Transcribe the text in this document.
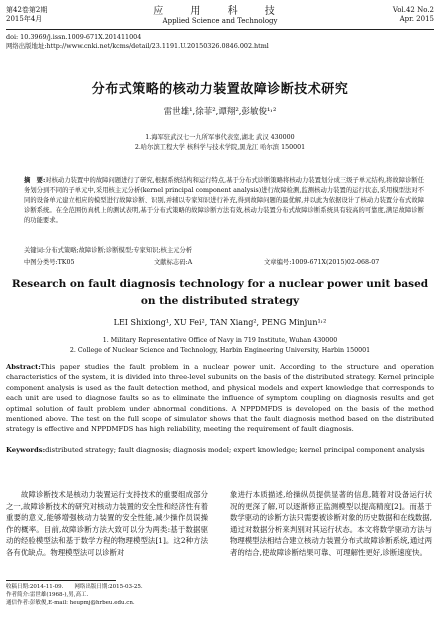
第42卷第2期
2015年4月
应 用 科 技
Applied Science and Technology
Vol.42 No.2
Apr. 2015
doi: 10.3969/j.issn.1009-671X.201411004
网络出版地址:http://www.cnki.net/kcms/detail/23.1191.U.20150326.0846.002.html
分布式策略的核动力装置故障诊断技术研究
雷世雄¹,徐菲²,谭翔²,彭敏俊¹˒²
1.海军驻武汉七一九所军事代表室,湖北 武汉 430000
2.哈尔滨工程大学 核科学与技术学院,黑龙江 哈尔滨 150001
摘　要:对核动力装置中的故障问题进行了研究,根据系统结构和运行特点,基于分布式诊断策略将核动力装置划分成三级子单元结构,将故障诊断任务划分到不同的子单元中,采用核主元分析(kernel principal component analysis)进行故障检测,监测核动力装置的运行状态,采用模型法对不同的设备单元建立相应的模型进行故障诊断、识别,并辅以专家知识进行补充,得到故障问题的最优解,并以此为依据设计了核动力装置分布式故障诊断系统。在全范围仿真机上的测试表明,基于分布式策略的故障诊断方法有效,核动力装置分布式故障诊断系统具有较高的可靠度,满足故障诊断的功能要求。
关键词:分布式策略;故障诊断;诊断模型;专家知识;核主元分析
中图分类号:TK05	文献标志码:A	文章编号:1009-671X(2015)02-068-07
Research on fault diagnosis technology for a nuclear power unit based on the distributed strategy
LEI Shixiong¹, XU Fei², TAN Xiang², PENG Minjun¹˒²
1. Military Representative Office of Navy in 719 Institute, Wuhan 430000
2. College of Nuclear Science and Technology, Harbin Engineering University, Harbin 150001
Abstract:This paper studies the fault problem in a nuclear power unit. According to the structure and operation characteristics of the system, it is divided into three-level subunits on the basis of the distributed strategy. Kernel principle component analysis is used as the fault detection method, and physical models and expert knowledge that corresponds to each unit are used to diagnose faults so as to eliminate the influence of symptom coupling on diagnosis results and get optimal solution of fault problem under abnormal conditions. A NPPDMFDS is developed on the basis of the method mentioned above. The test on the full scope of simulator shows that the fault diagnosis method based on the distributed strategy is effective and NPPDMFDS has high reliability, meeting the requirement of fault diagnosis.
Keywords:distributed strategy; fault diagnosis; diagnosis model; expert knowledge; kernel principal component analysis
故障诊断技术是核动力装置运行支持技术的重要组成部分之一,故障诊断技术的研究对核动力装置的安全性和经济性有着重要的意义,能够增强核动力装置的安全性能,减少操作员误操作的概率。目前,故障诊断方法大致可以分为两类:基于数据驱动的经验模型法和基于数学方程的物理模型法[1]。这2种方法各有优缺点。物理模型法可以诊断对
象进行本质描述,给操纵员提供显著的信息,随着对设备运行状况的更深了解,可以逐渐修正监测模型以提高精度[2]。而基于数学驱动的诊断方法只需要被诊断对象的历史数据和在线数据,通过对数据分析来判别对其运行状态。本文将数学驱动方法与物理模型法相结合建立核动力装置分布式故障诊断系统,通过两者的结合,使故障诊断结果可靠、可理解性更好,诊断速度快。
收稿日期:2014-11-09.　　网络出版日期:2015-03-25.
作者简介:雷世雄(1968-),男,高工.
通信作者:彭敏俊,E-mail: heupmj@hrbeu.edu.cn.
